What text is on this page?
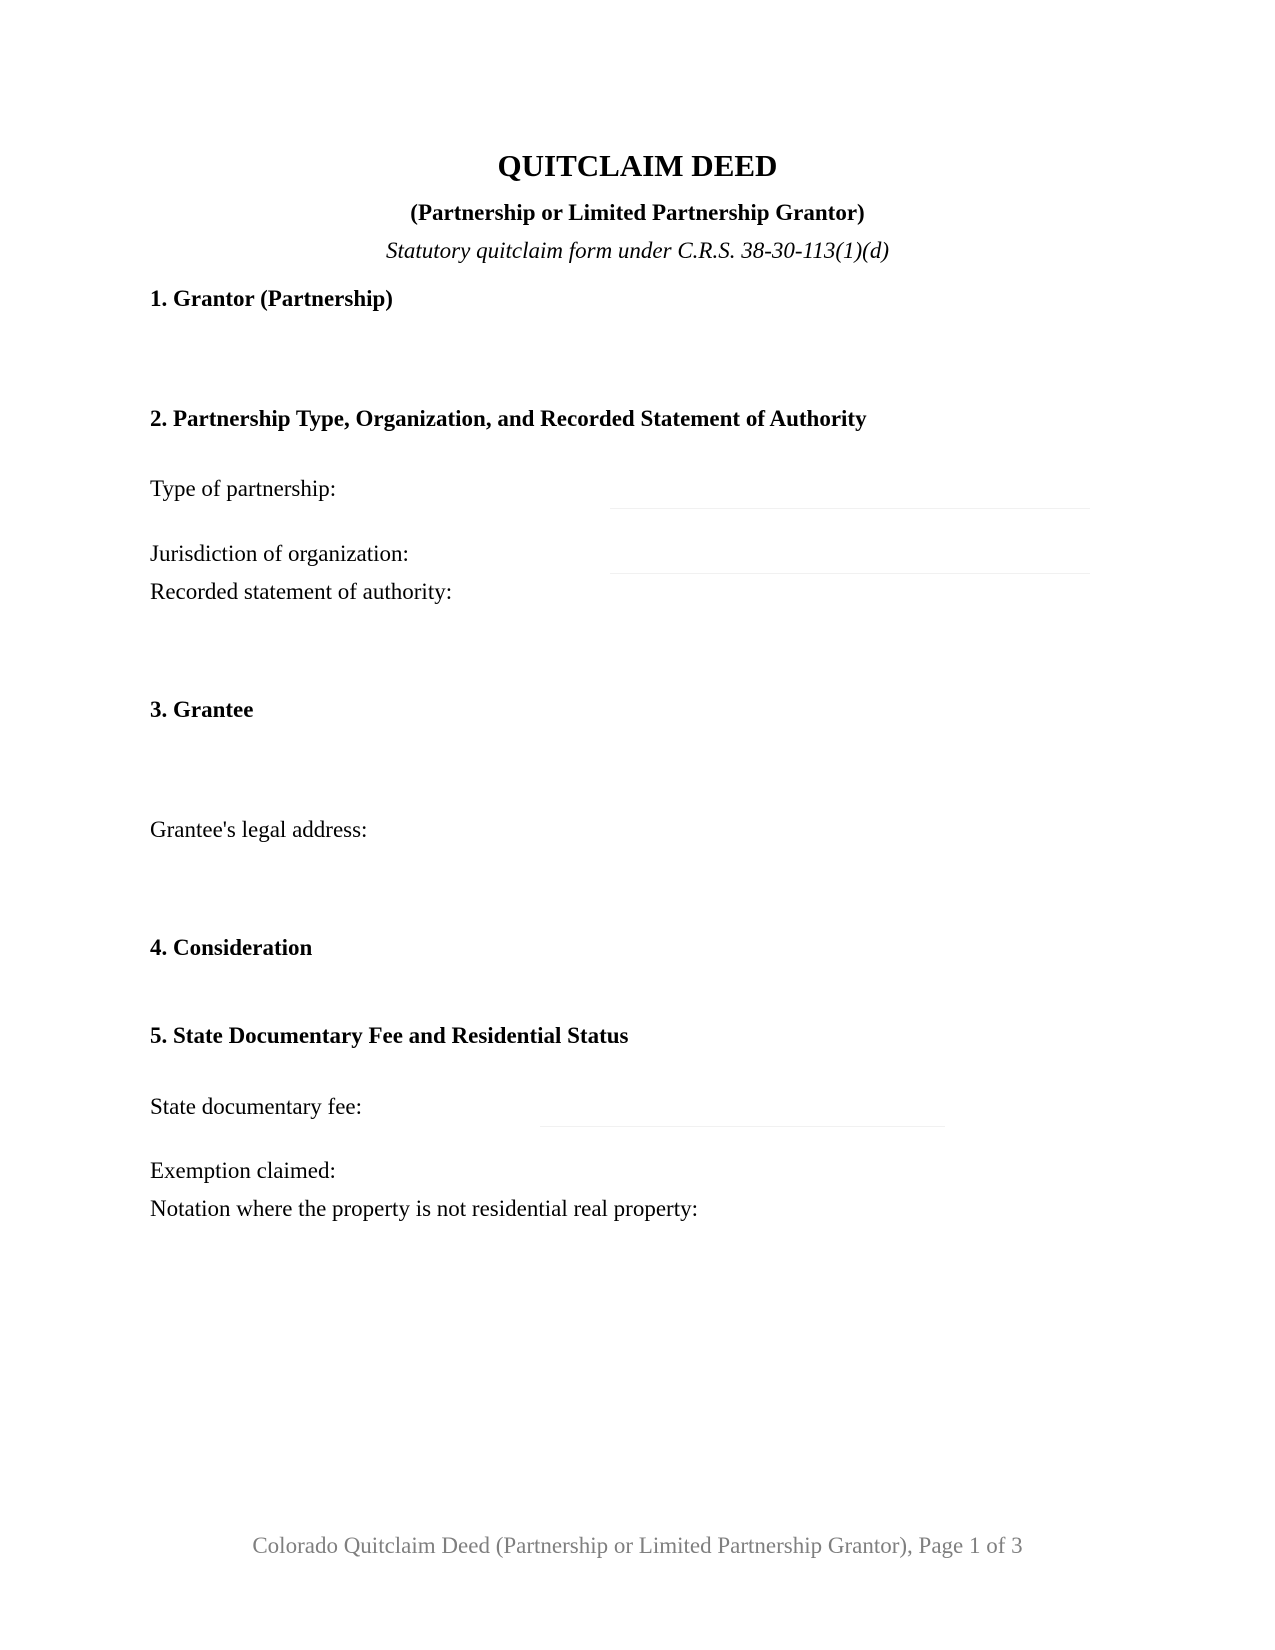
QUITCLAIM DEED
(Partnership or Limited Partnership Grantor)
Statutory quitclaim form under C.R.S. 38-30-113(1)(d)
1. Grantor (Partnership)
2. Partnership Type, Organization, and Recorded Statement of Authority
Type of partnership:
Jurisdiction of organization:
Recorded statement of authority:
3. Grantee
Grantee's legal address:
4. Consideration
5. State Documentary Fee and Residential Status
State documentary fee:
Exemption claimed:
Notation where the property is not residential real property:
Colorado Quitclaim Deed (Partnership or Limited Partnership Grantor), Page 1 of 3
